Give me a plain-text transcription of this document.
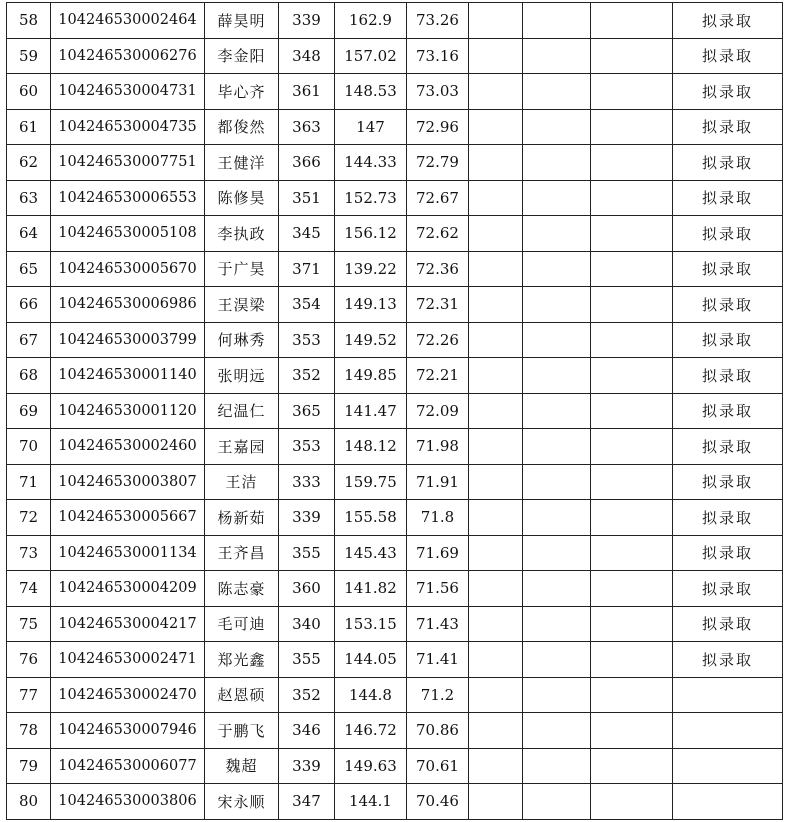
58	104246530002464	薛昊明	339	162.9	73.26				拟录取
59	104246530006276	李金阳	348	157.02	73.16				拟录取
60	104246530004731	毕心齐	361	148.53	73.03				拟录取
61	104246530004735	都俊然	363	147	72.96				拟录取
62	104246530007751	王健洋	366	144.33	72.79				拟录取
63	104246530006553	陈修昊	351	152.73	72.67				拟录取
64	104246530005108	李执政	345	156.12	72.62				拟录取
65	104246530005670	于广昊	371	139.22	72.36				拟录取
66	104246530006986	王淏梁	354	149.13	72.31				拟录取
67	104246530003799	何琳秀	353	149.52	72.26				拟录取
68	104246530001140	张明远	352	149.85	72.21				拟录取
69	104246530001120	纪温仁	365	141.47	72.09				拟录取
70	104246530002460	王嘉园	353	148.12	71.98				拟录取
71	104246530003807	王洁	333	159.75	71.91				拟录取
72	104246530005667	杨新茹	339	155.58	71.8				拟录取
73	104246530001134	王齐昌	355	145.43	71.69				拟录取
74	104246530004209	陈志豪	360	141.82	71.56				拟录取
75	104246530004217	毛可迪	340	153.15	71.43				拟录取
76	104246530002471	郑光鑫	355	144.05	71.41				拟录取
77	104246530002470	赵恩硕	352	144.8	71.2				
78	104246530007946	于鹏飞	346	146.72	70.86				
79	104246530006077	魏超	339	149.63	70.61				
80	104246530003806	宋永顺	347	144.1	70.46				
